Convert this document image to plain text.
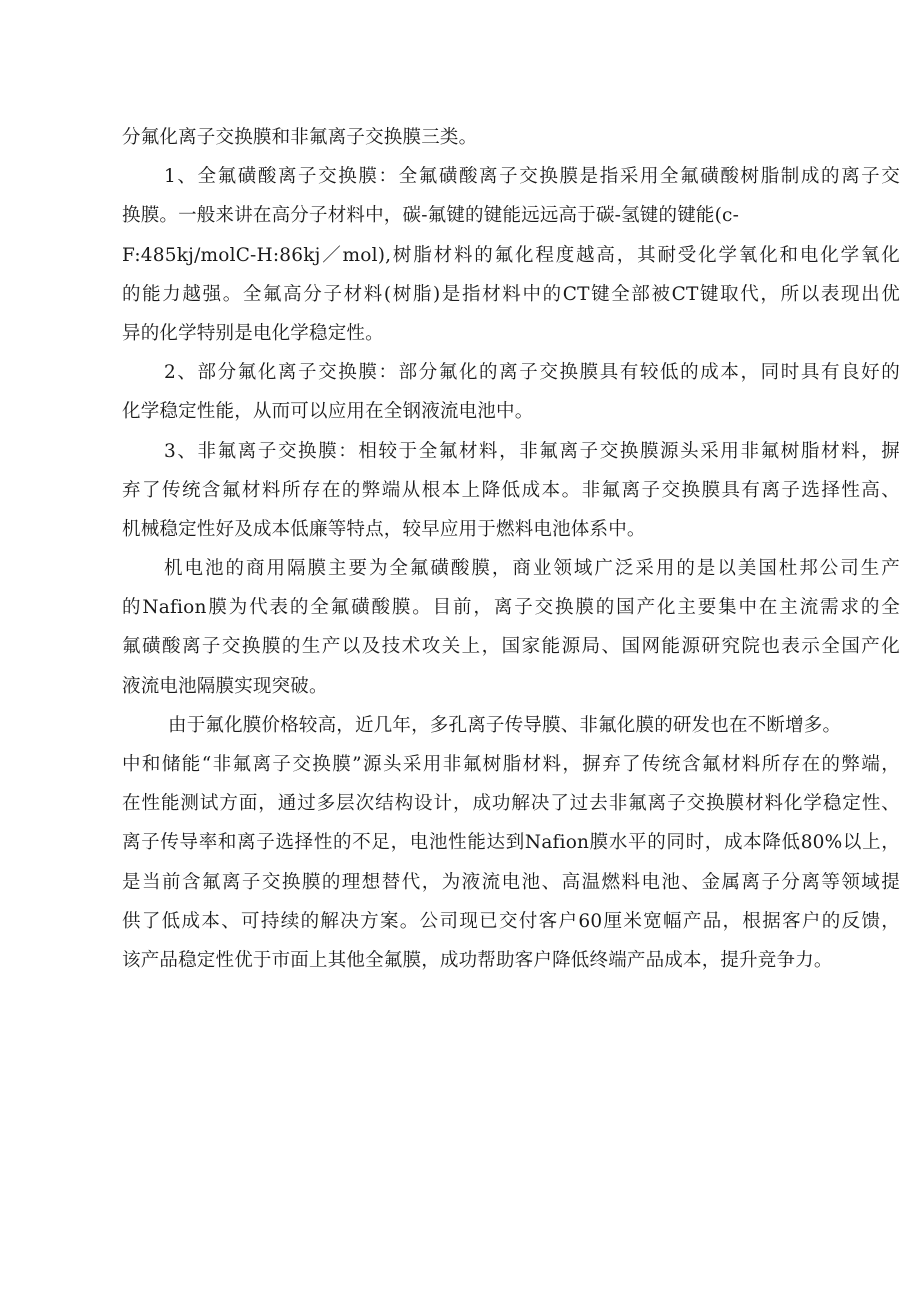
分氟化离子交换膜和非氟离子交换膜三类。
1、全氟磺酸离子交换膜：全氟磺酸离子交换膜是指采用全氟磺酸树脂制成的离子交
换膜。一般来讲在高分子材料中，碳-氟键的键能远远高于碳-氢键的键能(c-
F:485kj/molC-H:86kj／mol),树脂材料的氟化程度越高，其耐受化学氧化和电化学氧化
的能力越强。全氟高分子材料(树脂)是指材料中的CT键全部被CT键取代，所以表现出优
异的化学特别是电化学稳定性。
2、部分氟化离子交换膜：部分氟化的离子交换膜具有较低的成本，同时具有良好的
化学稳定性能，从而可以应用在全钢液流电池中。
3、非氟离子交换膜：相较于全氟材料，非氟离子交换膜源头采用非氟树脂材料，摒
弃了传统含氟材料所存在的弊端从根本上降低成本。非氟离子交换膜具有离子选择性高、
机械稳定性好及成本低廉等特点，较早应用于燃料电池体系中。
机电池的商用隔膜主要为全氟磺酸膜，商业领域广泛采用的是以美国杜邦公司生产
的Nafion膜为代表的全氟磺酸膜。目前，离子交换膜的国产化主要集中在主流需求的全
氟磺酸离子交换膜的生产以及技术攻关上，国家能源局、国网能源研究院也表示全国产化
液流电池隔膜实现突破。
由于氟化膜价格较高，近几年，多孔离子传导膜、非氟化膜的研发也在不断增多。
中和储能“非氟离子交换膜”源头采用非氟树脂材料，摒弃了传统含氟材料所存在的弊端，
在性能测试方面，通过多层次结构设计，成功解决了过去非氟离子交换膜材料化学稳定性、
离子传导率和离子选择性的不足，电池性能达到Nafion膜水平的同时，成本降低80%以上，
是当前含氟离子交换膜的理想替代，为液流电池、高温燃料电池、金属离子分离等领域提
供了低成本、可持续的解决方案。公司现已交付客户60厘米宽幅产品，根据客户的反馈，
该产品稳定性优于市面上其他全氟膜，成功帮助客户降低终端产品成本，提升竞争力。
